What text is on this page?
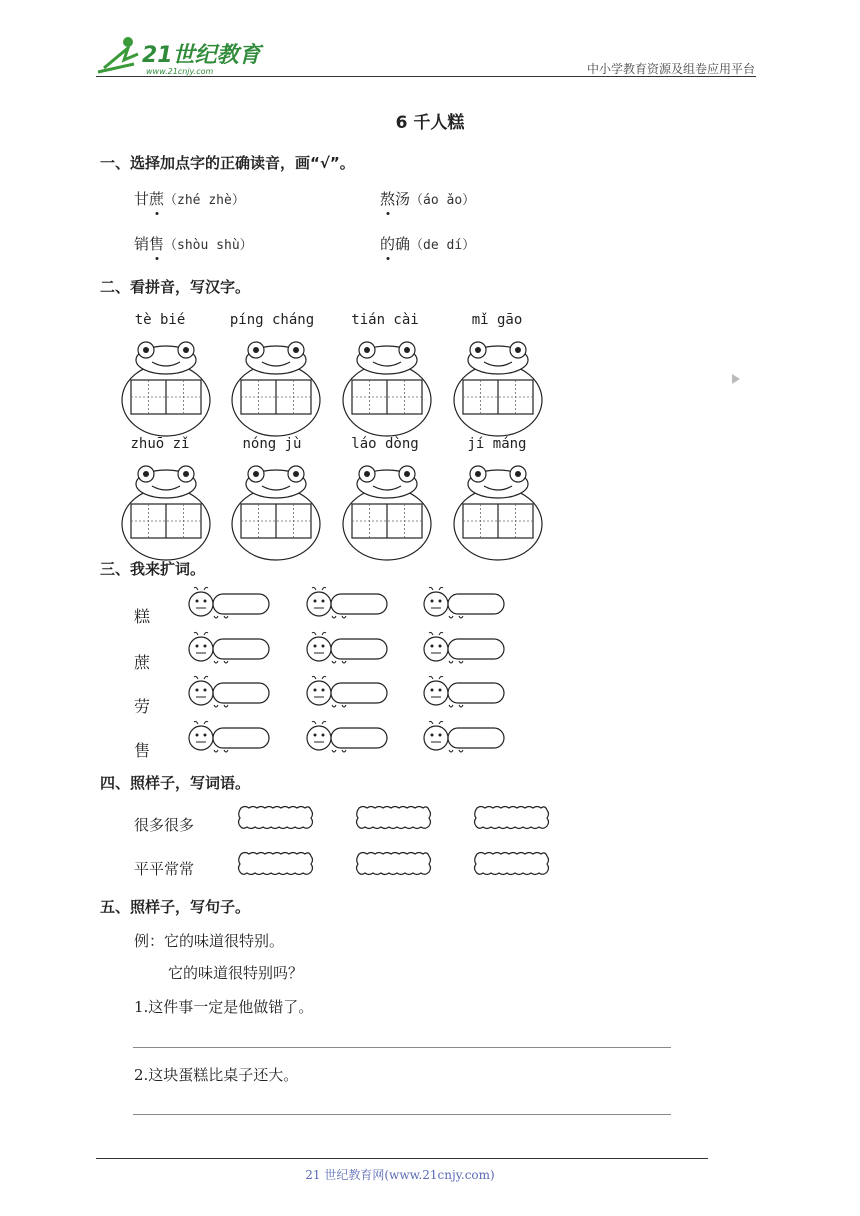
21世纪教育
www.21cnjy.com	中小学教育资源及组卷应用平台
6 千人糕
一、选择加点字的正确读音，画“√”。
甘蔗（zhé zhè）	熬汤（áo ǎo）
销售（shòu shù）	的确（de dí）
二、看拼音，写汉字。
tè bié	píng cháng	tián cài	mǐ gāo
zhuō zǐ	nóng jù	láo dòng	jí máng
三、我来扩词。
糕
蔗
劳
售
四、照样子，写词语。
很多很多
平平常常
五、照样子，写句子。
例：它的味道很特别。
它的味道很特别吗？
1.这件事一定是他做错了。
2.这块蛋糕比桌子还大。
21 世纪教育网(www.21cnjy.com)
